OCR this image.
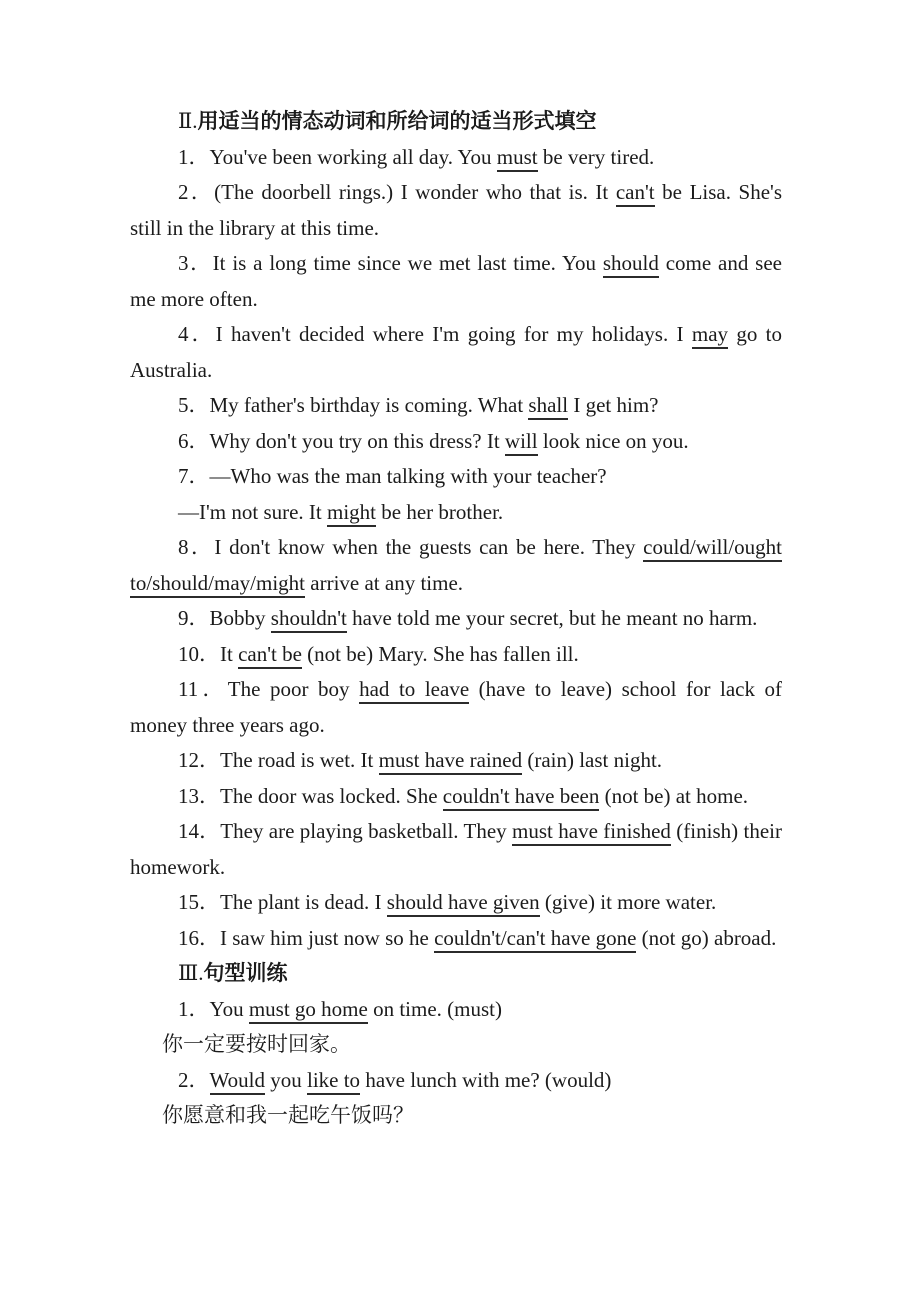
Ⅱ.用适当的情态动词和所给词的适当形式填空

1．You've been working all day. You must be very tired.

2．(The doorbell rings.) I wonder who that is. It can't be Lisa. She's still in the library at this time.

3．It is a long time since we met last time. You should come and see me more often.

4．I haven't decided where I'm going for my holidays. I may go to Australia.

5．My father's birthday is coming. What shall I get him?

6．Why don't you try on this dress? It will look nice on you.

7．—Who was the man talking with your teacher?

—I'm not sure. It might be her brother.

8．I don't know when the guests can be here. They could/will/ought to/should/may/might arrive at any time.

9．Bobby shouldn't have told me your secret, but he meant no harm.

10．It can't be (not be) Mary. She has fallen ill.

11．The poor boy had to leave (have to leave) school for lack of money three years ago.

12．The road is wet. It must have rained (rain) last night.

13．The door was locked. She couldn't have been (not be) at home.

14．They are playing basketball. They must have finished (finish) their homework.

15．The plant is dead. I should have given (give) it more water.

16．I saw him just now so he couldn't/can't have gone (not go) abroad.

Ⅲ.句型训练

1．You must go home on time. (must)

你一定要按时回家。

2．Would you like to have lunch with me? (would)

你愿意和我一起吃午饭吗？
